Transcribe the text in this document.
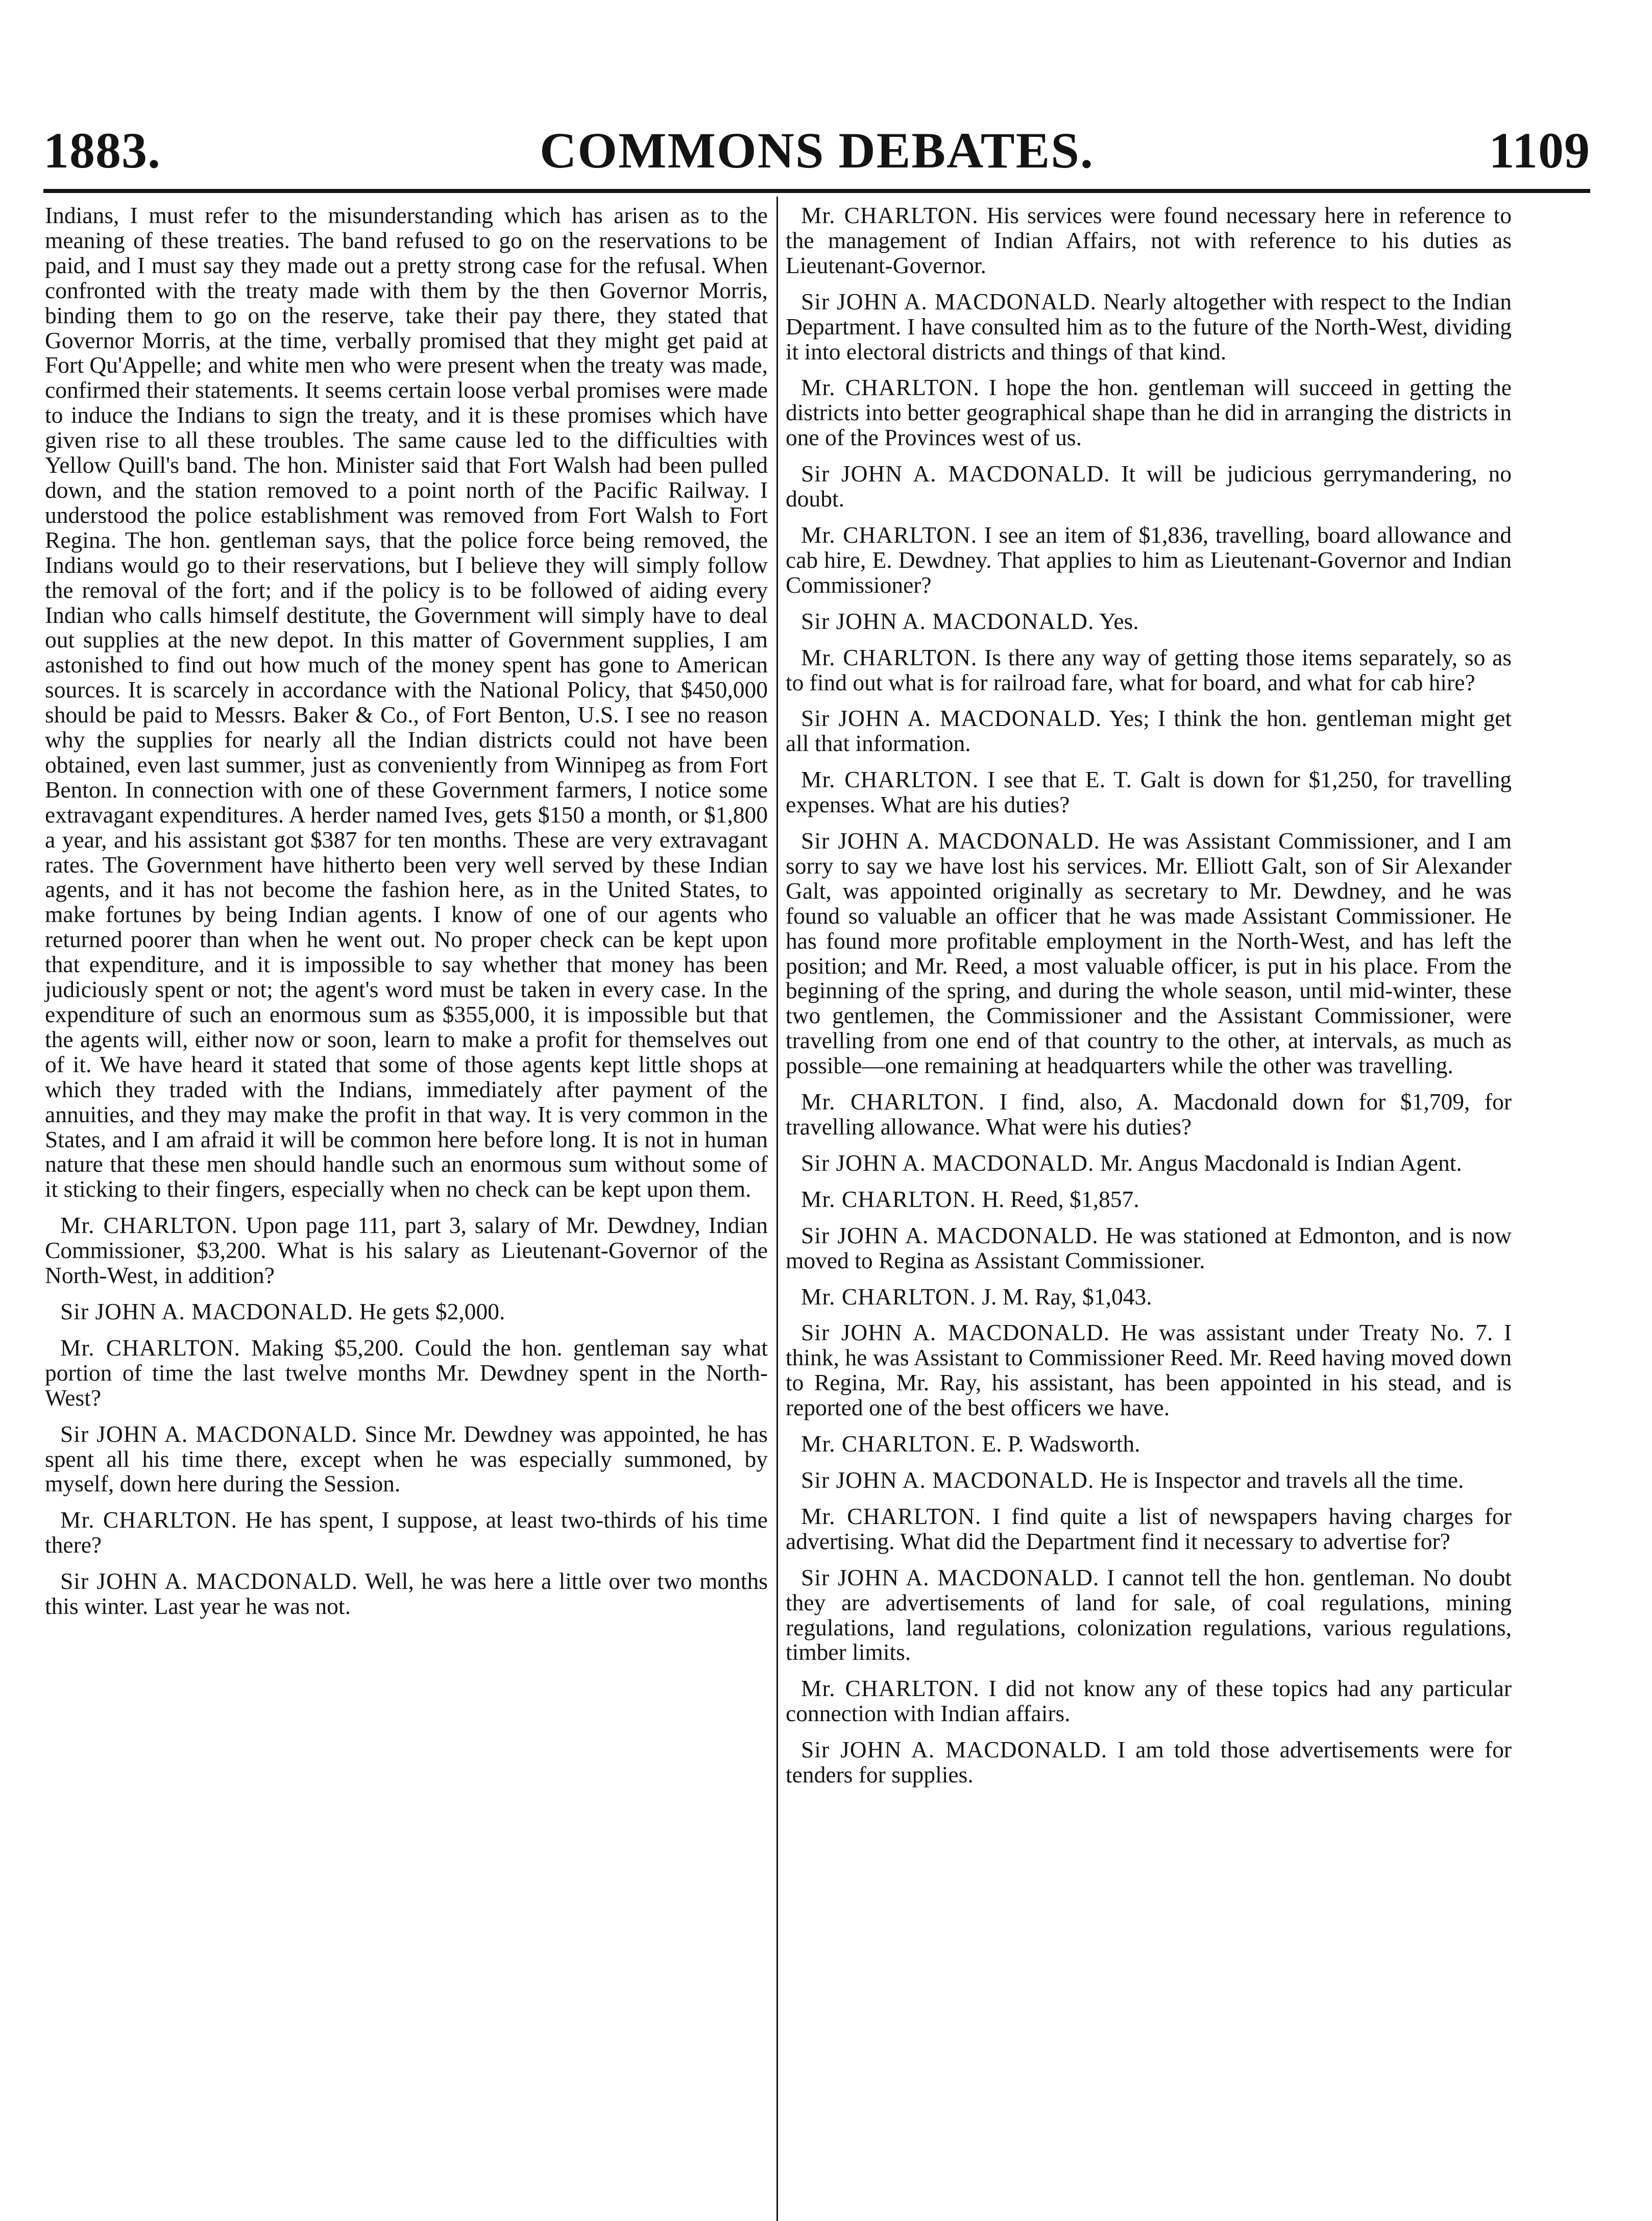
1883.	COMMONS DEBATES.	1109

Indians, I must refer to the misunderstanding which has arisen as to the meaning of these treaties. The band refused to go on the reservations to be paid, and I must say they made out a pretty strong case for the refusal. When confronted with the treaty made with them by the then Governor Morris, binding them to go on the reserve, take their pay there, they stated that Governor Morris, at the time, verbally promised that they might get paid at Fort Qu'Appelle; and white men who were present when the treaty was made, confirmed their statements. It seems certain loose verbal promises were made to induce the Indians to sign the treaty, and it is these promises which have given rise to all these troubles. The same cause led to the difficulties with Yellow Quill's band. The hon. Minister said that Fort Walsh had been pulled down, and the station removed to a point north of the Pacific Railway. I understood the police establishment was removed from Fort Walsh to Fort Regina. The hon. gentleman says, that the police force being removed, the Indians would go to their reservations, but I believe they will simply follow the removal of the fort; and if the policy is to be followed of aiding every Indian who calls himself destitute, the Government will simply have to deal out supplies at the new depot. In this matter of Government supplies, I am astonished to find out how much of the money spent has gone to American sources. It is scarcely in accordance with the National Policy, that $450,000 should be paid to Messrs. Baker & Co., of Fort Benton, U.S. I see no reason why the supplies for nearly all the Indian districts could not have been obtained, even last summer, just as conveniently from Winnipeg as from Fort Benton. In connection with one of these Government farmers, I notice some extravagant expenditures. A herder named Ives, gets $150 a month, or $1,800 a year, and his assistant got $387 for ten months. These are very extravagant rates. The Government have hitherto been very well served by these Indian agents, and it has not become the fashion here, as in the United States, to make fortunes by being Indian agents. I know of one of our agents who returned poorer than when he went out. No proper check can be kept upon that expenditure, and it is impossible to say whether that money has been judiciously spent or not; the agent's word must be taken in every case. In the expenditure of such an enormous sum as $355,000, it is impossible but that the agents will, either now or soon, learn to make a profit for themselves out of it. We have heard it stated that some of those agents kept little shops at which they traded with the Indians, immediately after payment of the annuities, and they may make the profit in that way. It is very common in the States, and I am afraid it will be common here before long. It is not in human nature that these men should handle such an enormous sum without some of it sticking to their fingers, especially when no check can be kept upon them.

Mr. CHARLTON. Upon page 111, part 3, salary of Mr. Dewdney, Indian Commissioner, $3,200. What is his salary as Lieutenant-Governor of the North-West, in addition?

Sir JOHN A. MACDONALD. He gets $2,000.

Mr. CHARLTON. Making $5,200. Could the hon. gentleman say what portion of time the last twelve months Mr. Dewdney spent in the North-West?

Sir JOHN A. MACDONALD. Since Mr. Dewdney was appointed, he has spent all his time there, except when he was especially summoned, by myself, down here during the Session.

Mr. CHARLTON. He has spent, I suppose, at least two-thirds of his time there?

Sir JOHN A. MACDONALD. Well, he was here a little over two months this winter. Last year he was not.

Mr. CHARLTON. His services were found necessary here in reference to the management of Indian Affairs, not with reference to his duties as Lieutenant-Governor.

Sir JOHN A. MACDONALD. Nearly altogether with respect to the Indian Department. I have consulted him as to the future of the North-West, dividing it into electoral districts and things of that kind.

Mr. CHARLTON. I hope the hon. gentleman will succeed in getting the districts into better geographical shape than he did in arranging the districts in one of the Provinces west of us.

Sir JOHN A. MACDONALD. It will be judicious gerrymandering, no doubt.

Mr. CHARLTON. I see an item of $1,836, travelling, board allowance and cab hire, E. Dewdney. That applies to him as Lieutenant-Governor and Indian Commissioner?

Sir JOHN A. MACDONALD. Yes.

Mr. CHARLTON. Is there any way of getting those items separately, so as to find out what is for railroad fare, what for board, and what for cab hire?

Sir JOHN A. MACDONALD. Yes; I think the hon. gentleman might get all that information.

Mr. CHARLTON. I see that E. T. Galt is down for $1,250, for travelling expenses. What are his duties?

Sir JOHN A. MACDONALD. He was Assistant Commissioner, and I am sorry to say we have lost his services. Mr. Elliott Galt, son of Sir Alexander Galt, was appointed originally as secretary to Mr. Dewdney, and he was found so valuable an officer that he was made Assistant Commissioner. He has found more profitable employment in the North-West, and has left the position; and Mr. Reed, a most valuable officer, is put in his place. From the beginning of the spring, and during the whole season, until mid-winter, these two gentlemen, the Commissioner and the Assistant Commissioner, were travelling from one end of that country to the other, at intervals, as much as possible—one remaining at headquarters while the other was travelling.

Mr. CHARLTON. I find, also, A. Macdonald down for $1,709, for travelling allowance. What were his duties?

Sir JOHN A. MACDONALD. Mr. Angus Macdonald is Indian Agent.

Mr. CHARLTON. H. Reed, $1,857.

Sir JOHN A. MACDONALD. He was stationed at Edmonton, and is now moved to Regina as Assistant Commissioner.

Mr. CHARLTON. J. M. Ray, $1,043.

Sir JOHN A. MACDONALD. He was assistant under Treaty No. 7. I think, he was Assistant to Commissioner Reed. Mr. Reed having moved down to Regina, Mr. Ray, his assistant, has been appointed in his stead, and is reported one of the best officers we have.

Mr. CHARLTON. E. P. Wadsworth.

Sir JOHN A. MACDONALD. He is Inspector and travels all the time.

Mr. CHARLTON. I find quite a list of newspapers having charges for advertising. What did the Department find it necessary to advertise for?

Sir JOHN A. MACDONALD. I cannot tell the hon. gentleman. No doubt they are advertisements of land for sale, of coal regulations, mining regulations, land regulations, colonization regulations, various regulations, timber limits.

Mr. CHARLTON. I did not know any of these topics had any particular connection with Indian affairs.

Sir JOHN A. MACDONALD. I am told those advertisements were for tenders for supplies.
